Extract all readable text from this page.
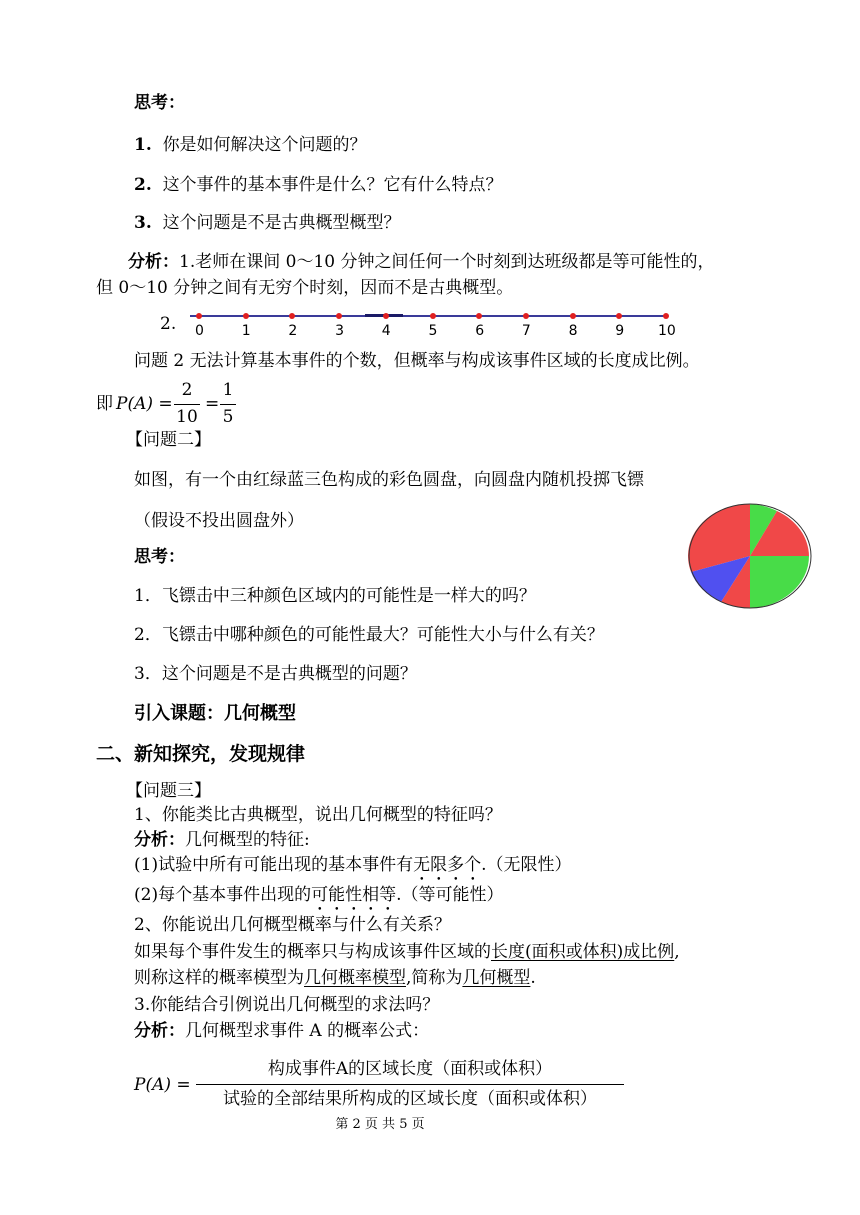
思考：
1. 你是如何解决这个问题的？
2. 这个事件的基本事件是什么？它有什么特点？
3. 这个问题是不是古典概型概型？
分析：1.老师在课间 0～10 分钟之间任何一个时刻到达班级都是等可能性的，
但 0～10 分钟之间有无穷个时刻，因而不是古典概型。
2. 0	1	2	3	4	5	6	7	8	9 10
问题 2 无法计算基本事件的个数，但概率与构成该事件区域的长度成比例。
即 P(A) =
2
10
=
1
5
【问题二】
如图，有一个由红绿蓝三色构成的彩色圆盘，向圆盘内随机投掷飞镖
（假设不投出圆盘外）
思考：
1．飞镖击中三种颜色区域内的可能性是一样大的吗？
2．飞镖击中哪种颜色的可能性最大？可能性大小与什么有关？
3．这个问题是不是古典概型的问题？
引入课题：几何概型
二、新知探究，发现规律
【问题三】
1、你能类比古典概型，说出几何概型的特征吗？
分析：几何概型的特征:
(1)试验中所有可能出现的基本事件有无限多个.（无限性）
(2)每个基本事件出现的可能性相等.（等可能性）
2、你能说出几何概型概率与什么有关系？
如果每个事件发生的概率只与构成该事件区域的长度(面积或体积)成比例,
则称这样的概率模型为几何概率模型,简称为几何概型.
3.你能结合引例说出几何概型的求法吗？
分析：几何概型求事件 A 的概率公式：
P(A) =
构成事件A的区域长度（面积或体积）
试验的全部结果所构成的区域长度（面积或体积）
第 2 页 共 5 页
